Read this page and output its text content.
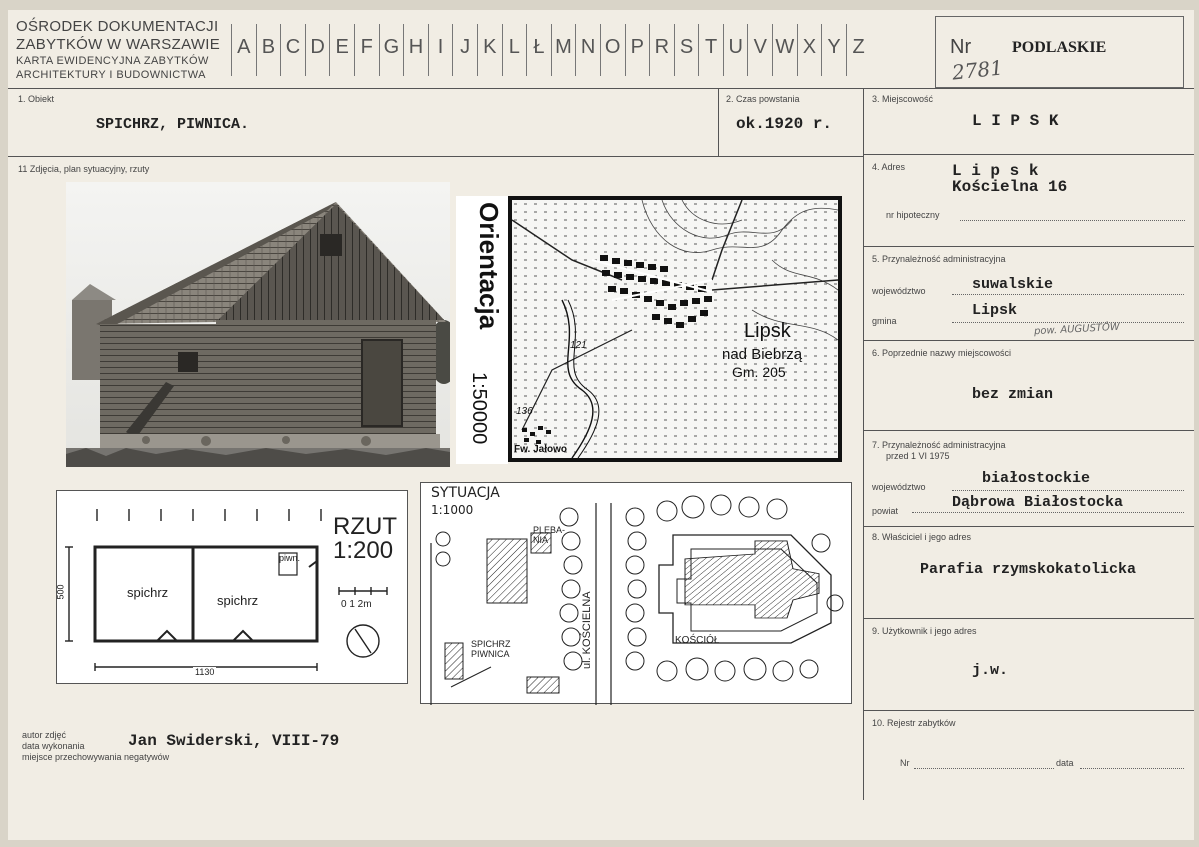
OŚRODEK DOKUMENTACJI
ZABYTKÓW W WARSZAWIE
KARTA EWIDENCYJNA ZABYTKÓW
ARCHITEKTURY I BUDOWNICTWA
A B C D E F G H I J K L Ł M N O P R S T U V W X Y Z	Nr
2781
PODLASKIE
1. Obiekt
SPICHRZ, PIWNICA.
2. Czas powstania
ok.1920 r.
3. Miejscowość
L I P S K
4. Adres	L i p s k
Kościelna 16
nr hipoteczny
5. Przynależność administracyjna
województwo	suwalskie
gmina
Lipsk
pow. AUGUSTÓW
6. Poprzednie nazwy miejscowości
bez zmian
7. Przynależność administracyjna
przed 1 VI 1975
województwo	białostockie
powiat	Dąbrowa Białostocka
8. Właściciel i jego adres
Parafia rzymskokatolicka
9. Użytkownik i jego adres
j.w.
10. Rejestr zabytków
Nr	data
11 Zdjęcia, plan sytuacyjny, rzuty
Orientacja
1:50000
Lipsk
nad Biebrzą
Gm. 205
121
136
Fw. Jałowo
RZUT
1:200
spichrz
spichrz
piwn.
1130
500
0 1 2m
SYTUACJA
1:1000
PLEBA-NIA
ul. KOŚCIELNA	KOŚCIÓŁ
SPICHRZ
PIWNICA
autor zdjęć
data wykonania
miejsce przechowywania negatywów
Jan Swiderski, VIII-79
